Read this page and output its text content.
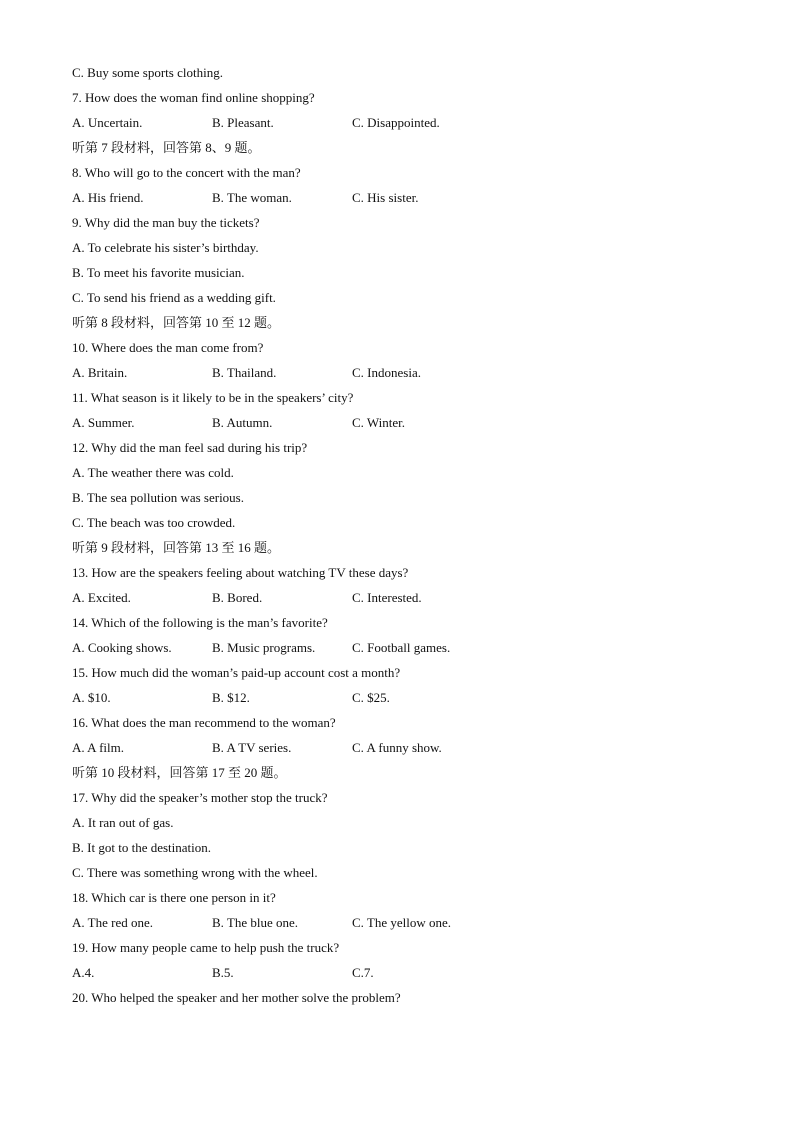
C. Buy some sports clothing.
7. How does the woman find online shopping?
A. Uncertain.	B. Pleasant.	C. Disappointed.
听第 7 段材料，回答第 8、9 题。
8. Who will go to the concert with the man?
A. His friend.	B. The woman.	C. His sister.
9. Why did the man buy the tickets?
A. To celebrate his sister’s birthday.
B. To meet his favorite musician.
C. To send his friend as a wedding gift.
听第 8 段材料，回答第 10 至 12 题。
10. Where does the man come from?
A. Britain.	B. Thailand.	C. Indonesia.
11. What season is it likely to be in the speakers’ city?
A. Summer.	B. Autumn.	C. Winter.
12. Why did the man feel sad during his trip?
A. The weather there was cold.
B. The sea pollution was serious.
C. The beach was too crowded.
听第 9 段材料，回答第 13 至 16 题。
13. How are the speakers feeling about watching TV these days?
A. Excited.	B. Bored.	C. Interested.
14. Which of the following is the man’s favorite?
A. Cooking shows.	B. Music programs.	C. Football games.
15. How much did the woman’s paid-up account cost a month?
A. $10.	B. $12.	C. $25.
16. What does the man recommend to the woman?
A. A film.	B. A TV series.	C. A funny show.
听第 10 段材料，回答第 17 至 20 题。
17. Why did the speaker’s mother stop the truck?
A. It ran out of gas.
B. It got to the destination.
C. There was something wrong with the wheel.
18. Which car is there one person in it?
A. The red one.	B. The blue one.	C. The yellow one.
19. How many people came to help push the truck?
A.4.	B.5.	C.7.
20. Who helped the speaker and her mother solve the problem?
